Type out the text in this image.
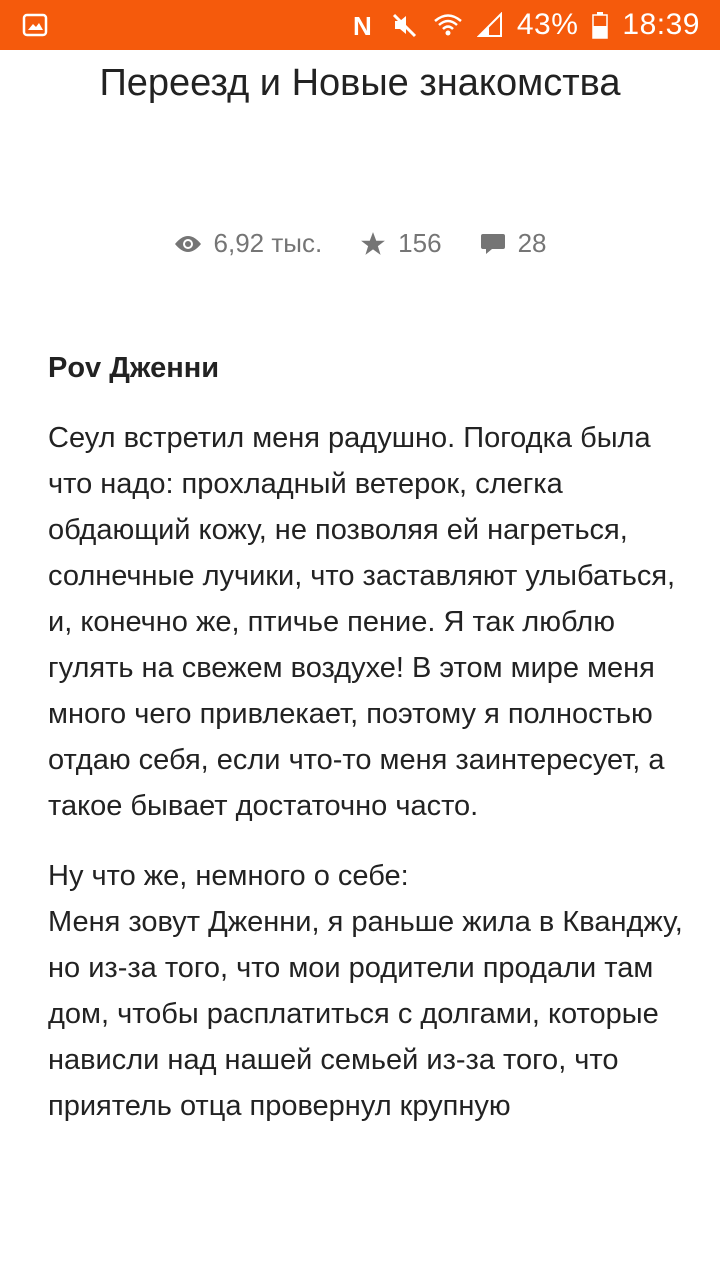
N	43% 18:39
Переезд и Новые знакомства
6,92 тыс.	156	28

Pov Дженни

Сеул встретил меня радушно. Погодка была что надо: прохладный ветерок, слегка обдающий кожу, не позволяя ей нагреться, солнечные лучики, что заставляют улыбаться, и, конечно же, птичье пение. Я так люблю гулять на свежем воздухе! В этом мире меня много чего привлекает, поэтому я полностью отдаю себя, если что-то меня заинтересует, а такое бывает достаточно часто.

Ну что же, немного о себе:
Меня зовут Дженни, я раньше жила в Кванджу, но из-за того, что мои родители продали там дом, чтобы расплатиться с долгами, которые нависли над нашей семьей из-за того, что приятель отца провернул крупную
